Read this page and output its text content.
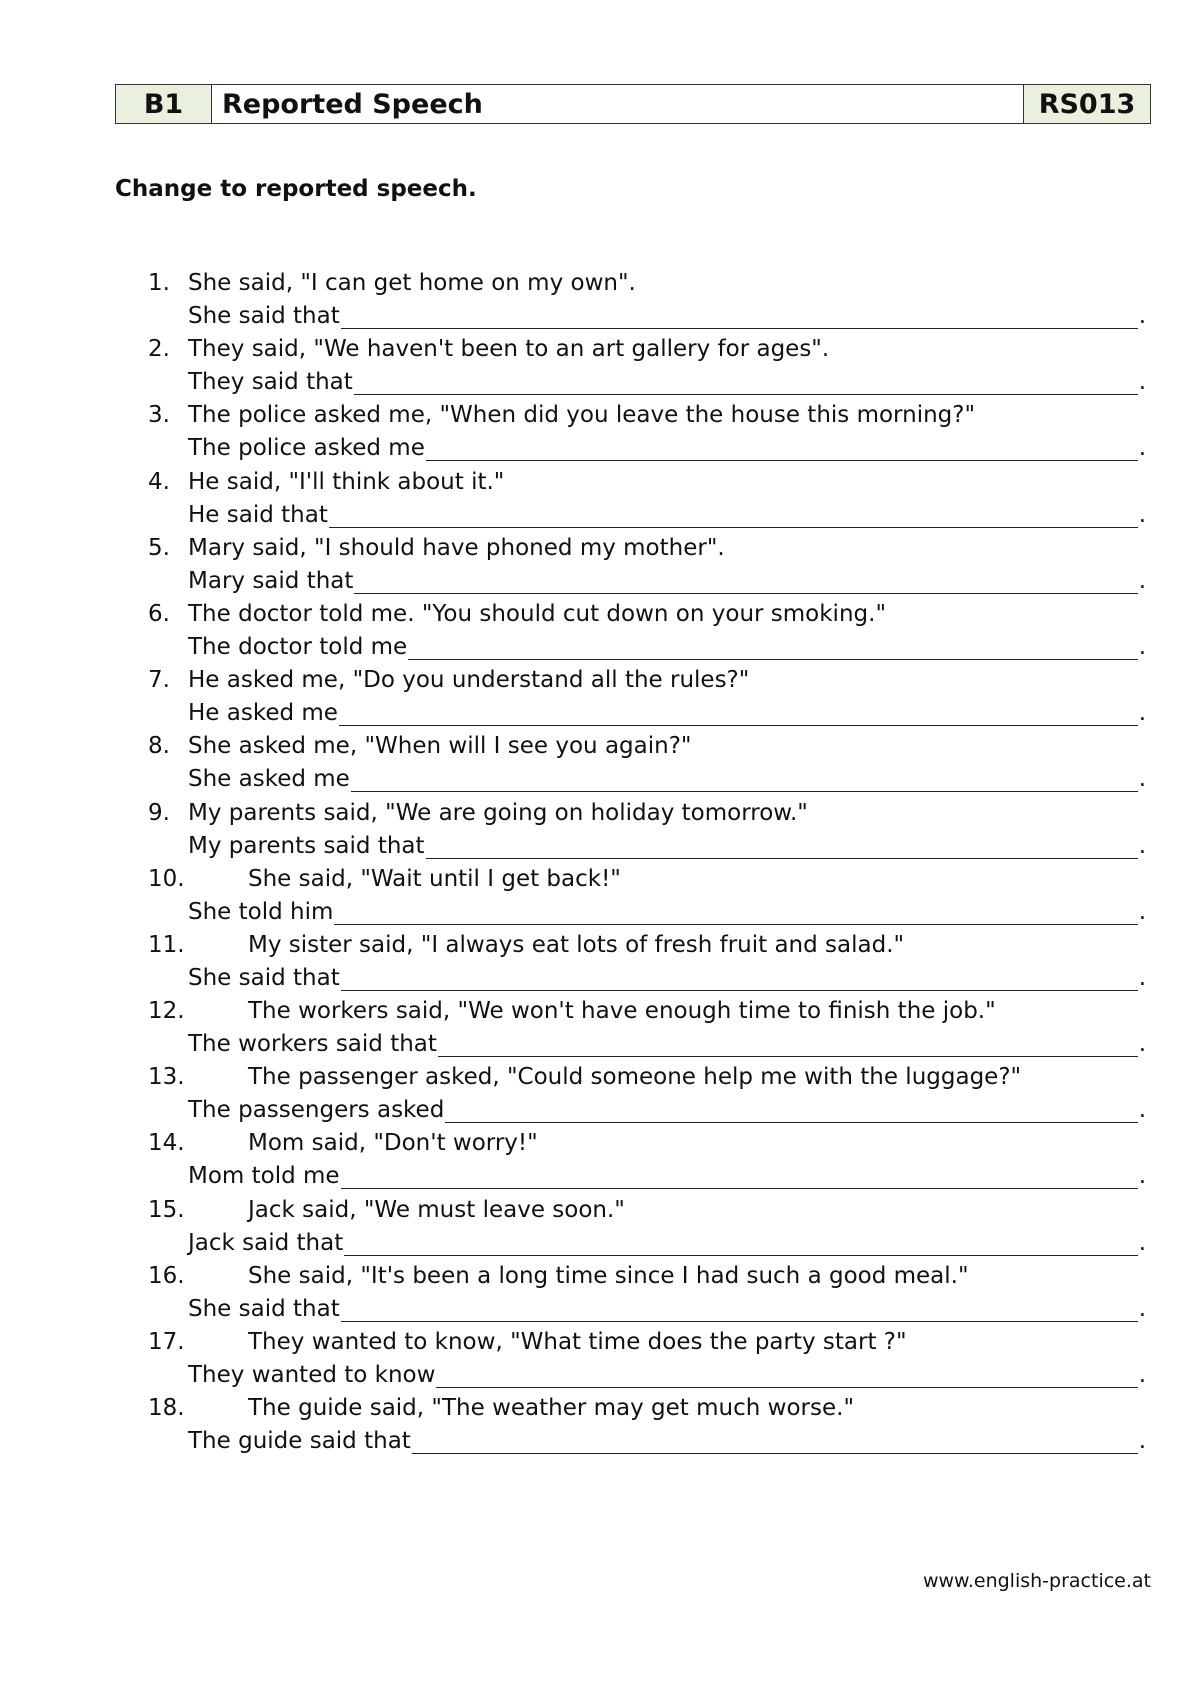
B1	Reported Speech	RS013

Change to reported speech.

1. She said, "I can get home on my own".
She said that	.
2. They said, "We haven't been to an art gallery for ages".
They said that	.
3. The police asked me, "When did you leave the house this morning?"
The police asked me	.
4. He said, "I'll think about it."
He said that	.
5. Mary said, "I should have phoned my mother".
Mary said that	.
6. The doctor told me. "You should cut down on your smoking."
The doctor told me	.
7. He asked me, "Do you understand all the rules?"
He asked me	.
8. She asked me, "When will I see you again?"
She asked me	.
9. My parents said, "We are going on holiday tomorrow."
My parents said that	.
10.	She said, "Wait until I get back!"
She told him	.
11.	My sister said, "I always eat lots of fresh fruit and salad."
She said that	.
12.	The workers said, "We won't have enough time to finish the job."
The workers said that	.
13.	The passenger asked, "Could someone help me with the luggage?"
The passengers asked	.
14.	Mom said, "Don't worry!"
Mom told me	.
15.	Jack said, "We must leave soon."
Jack said that	.
16.	She said, "It's been a long time since I had such a good meal."
She said that	.
17.	They wanted to know, "What time does the party start ?"
They wanted to know	.
18.	The guide said, "The weather may get much worse."
The guide said that	.
www.english-practice.at
